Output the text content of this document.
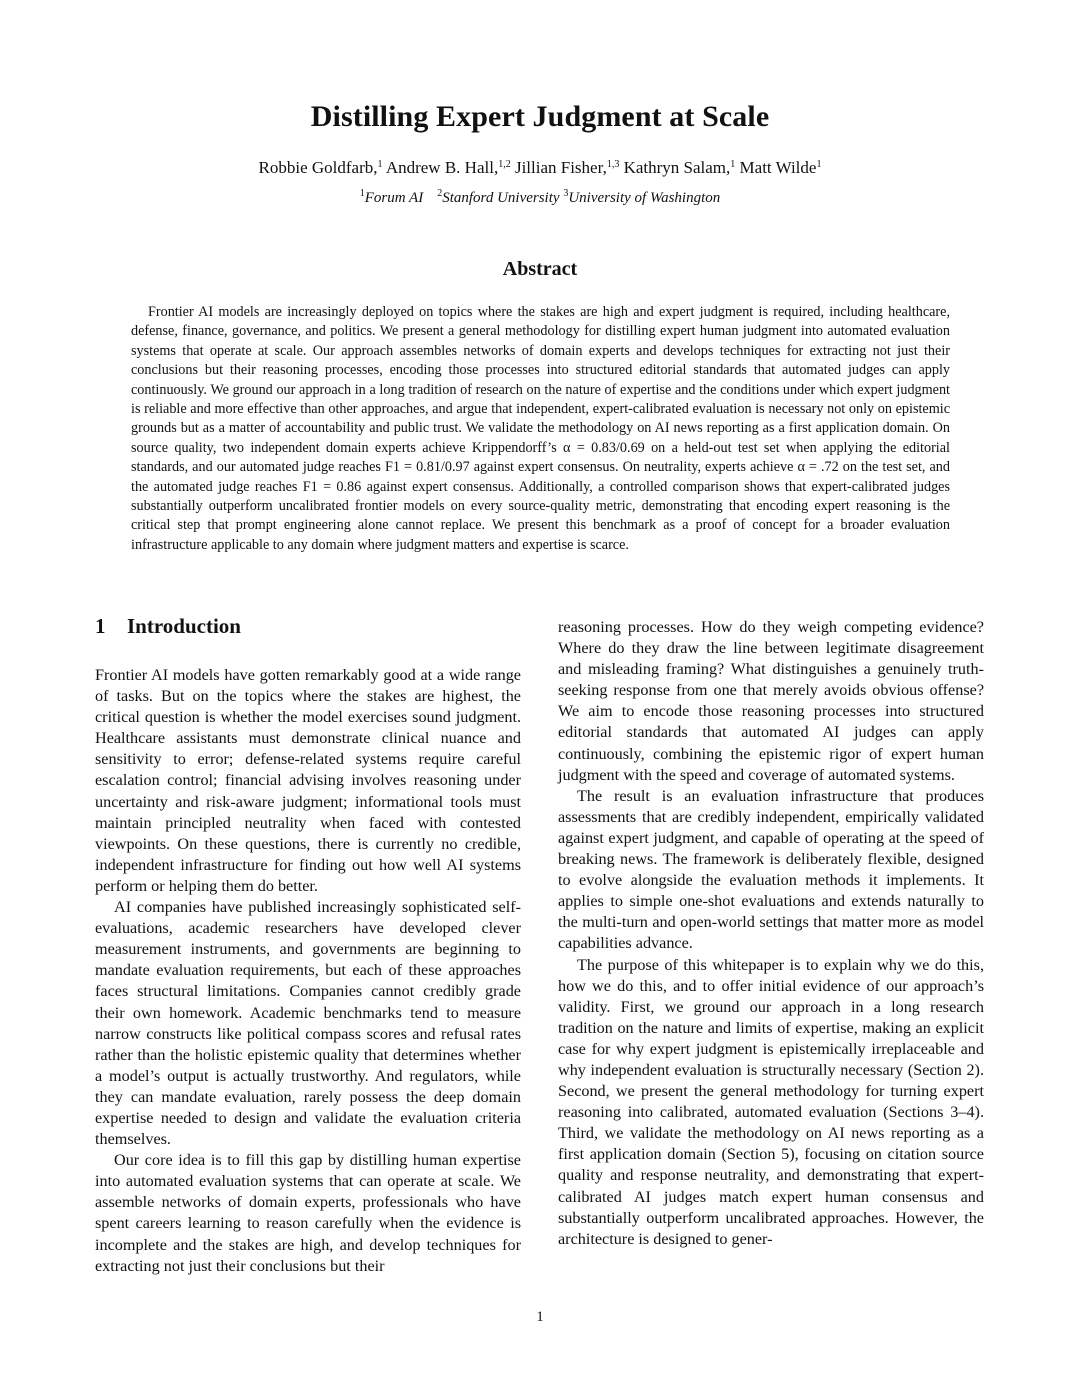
Distilling Expert Judgment at Scale
Robbie Goldfarb,$^1$ Andrew B. Hall,$^{1,2}$ Jillian Fisher,$^{1,3}$ Kathryn Salam,$^1$ Matt Wilde$^1$
$^1$Forum AI $^2$Stanford University $^3$University of Washington
Abstract
Frontier AI models are increasingly deployed on topics where the stakes are high and expert judgment is required, including healthcare, defense, finance, governance, and politics. We present a general methodology for distilling expert human judgment into automated evaluation systems that operate at scale. Our approach assembles networks of domain experts and develops techniques for extracting not just their conclusions but their reasoning processes, encoding those processes into structured editorial standards that automated judges can apply continuously. We ground our approach in a long tradition of research on the nature of expertise and the conditions under which expert judgment is reliable and more effective than other approaches, and argue that independent, expert-calibrated evaluation is necessary not only on epistemic grounds but as a matter of accountability and public trust. We validate the methodology on AI news reporting as a first application domain. On source quality, two independent domain experts achieve Krippendorff’s α = 0.83/0.69 on a held-out test set when applying the editorial standards, and our automated judge reaches F1 = 0.81/0.97 against expert consensus. On neutrality, experts achieve α = .72 on the test set, and the automated judge reaches F1 = 0.86 against expert consensus. Additionally, a controlled comparison shows that expert-calibrated judges substantially outperform uncalibrated frontier models on every source-quality metric, demonstrating that encoding expert reasoning is the critical step that prompt engineering alone cannot replace. We present this benchmark as a proof of concept for a broader evaluation infrastructure applicable to any domain where judgment matters and expertise is scarce.
1 Introduction

Frontier AI models have gotten remarkably good at a wide range of tasks. But on the topics where the stakes are highest, the critical question is whether the model exercises sound judgment. Healthcare assistants must demonstrate clinical nuance and sensitivity to error; defense-related systems require careful escalation control; financial advising involves reasoning under uncertainty and risk-aware judgment; informational tools must maintain principled neutrality when faced with contested viewpoints. On these questions, there is currently no credible, independent infrastructure for finding out how well AI systems perform or helping them do better.

AI companies have published increasingly sophisticated self-evaluations, academic researchers have developed clever measurement instruments, and governments are beginning to mandate evaluation requirements, but each of these approaches faces structural limitations. Companies cannot credibly grade their own homework. Academic benchmarks tend to measure narrow constructs like political compass scores and refusal rates rather than the holistic epistemic quality that determines whether a model’s output is actually trustworthy. And regulators, while they can mandate evaluation, rarely possess the deep domain expertise needed to design and validate the evaluation criteria themselves.

Our core idea is to fill this gap by distilling human expertise into automated evaluation systems that can operate at scale. We assemble networks of domain experts, professionals who have spent careers learning to reason carefully when the evidence is incomplete and the stakes are high, and develop techniques for extracting not just their conclusions but their

reasoning processes. How do they weigh competing evidence? Where do they draw the line between legitimate disagreement and misleading framing? What distinguishes a genuinely truth-seeking response from one that merely avoids obvious offense? We aim to encode those reasoning processes into structured editorial standards that automated AI judges can apply continuously, combining the epistemic rigor of expert human judgment with the speed and coverage of automated systems.

The result is an evaluation infrastructure that produces assessments that are credibly independent, empirically validated against expert judgment, and capable of operating at the speed of breaking news. The framework is deliberately flexible, designed to evolve alongside the evaluation methods it implements. It applies to simple one-shot evaluations and extends naturally to the multi-turn and open-world settings that matter more as model capabilities advance.

The purpose of this whitepaper is to explain why we do this, how we do this, and to offer initial evidence of our approach’s validity. First, we ground our approach in a long research tradition on the nature and limits of expertise, making an explicit case for why expert judgment is epistemically irreplaceable and why independent evaluation is structurally necessary (Section 2). Second, we present the general methodology for turning expert reasoning into calibrated, automated evaluation (Sections 3–4). Third, we validate the methodology on AI news reporting as a first application domain (Section 5), focusing on citation source quality and response neutrality, and demonstrating that expert-calibrated AI judges match expert human consensus and substantially outperform uncalibrated approaches. However, the architecture is designed to gener-

1
